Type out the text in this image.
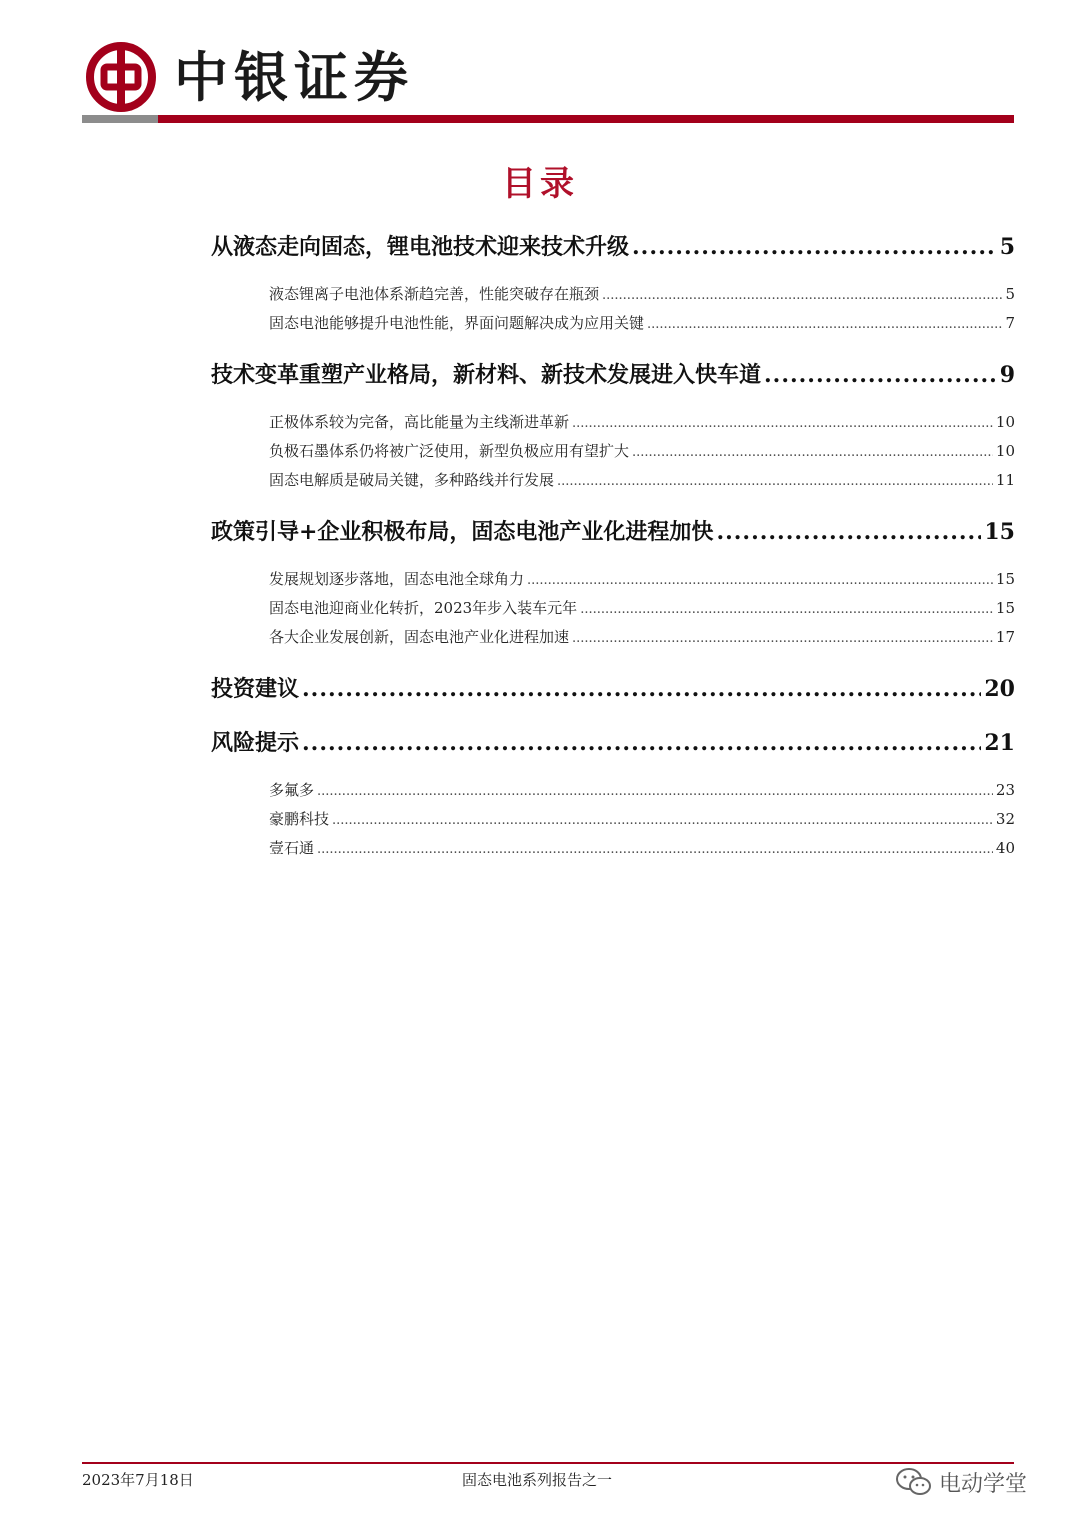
中银证券
目录
从液态走向固态，锂电池技术迎来技术升级 .....	5
液态锂离子电池体系渐趋完善，性能突破存在瓶颈 .....	5
固态电池能够提升电池性能，界面问题解决成为应用关键 .....	7
技术变革重塑产业格局，新材料、新技术发展进入快车道 .....	9
正极体系较为完备，高比能量为主线渐进革新 .....	10
负极石墨体系仍将被广泛使用，新型负极应用有望扩大 .....	10
固态电解质是破局关键，多种路线并行发展 .....	11
政策引导+企业积极布局，固态电池产业化进程加快 .....	15
发展规划逐步落地，固态电池全球角力 .....	15
固态电池迎商业化转折，2023年步入装车元年 .....	15
各大企业发展创新，固态电池产业化进程加速 .....	17
投资建议 .....	20
风险提示 .....	21
多氟多 .....	23
豪鹏科技 .....	32
壹石通 .....	40
2023年7月18日	固态电池系列报告之一	电动学堂
